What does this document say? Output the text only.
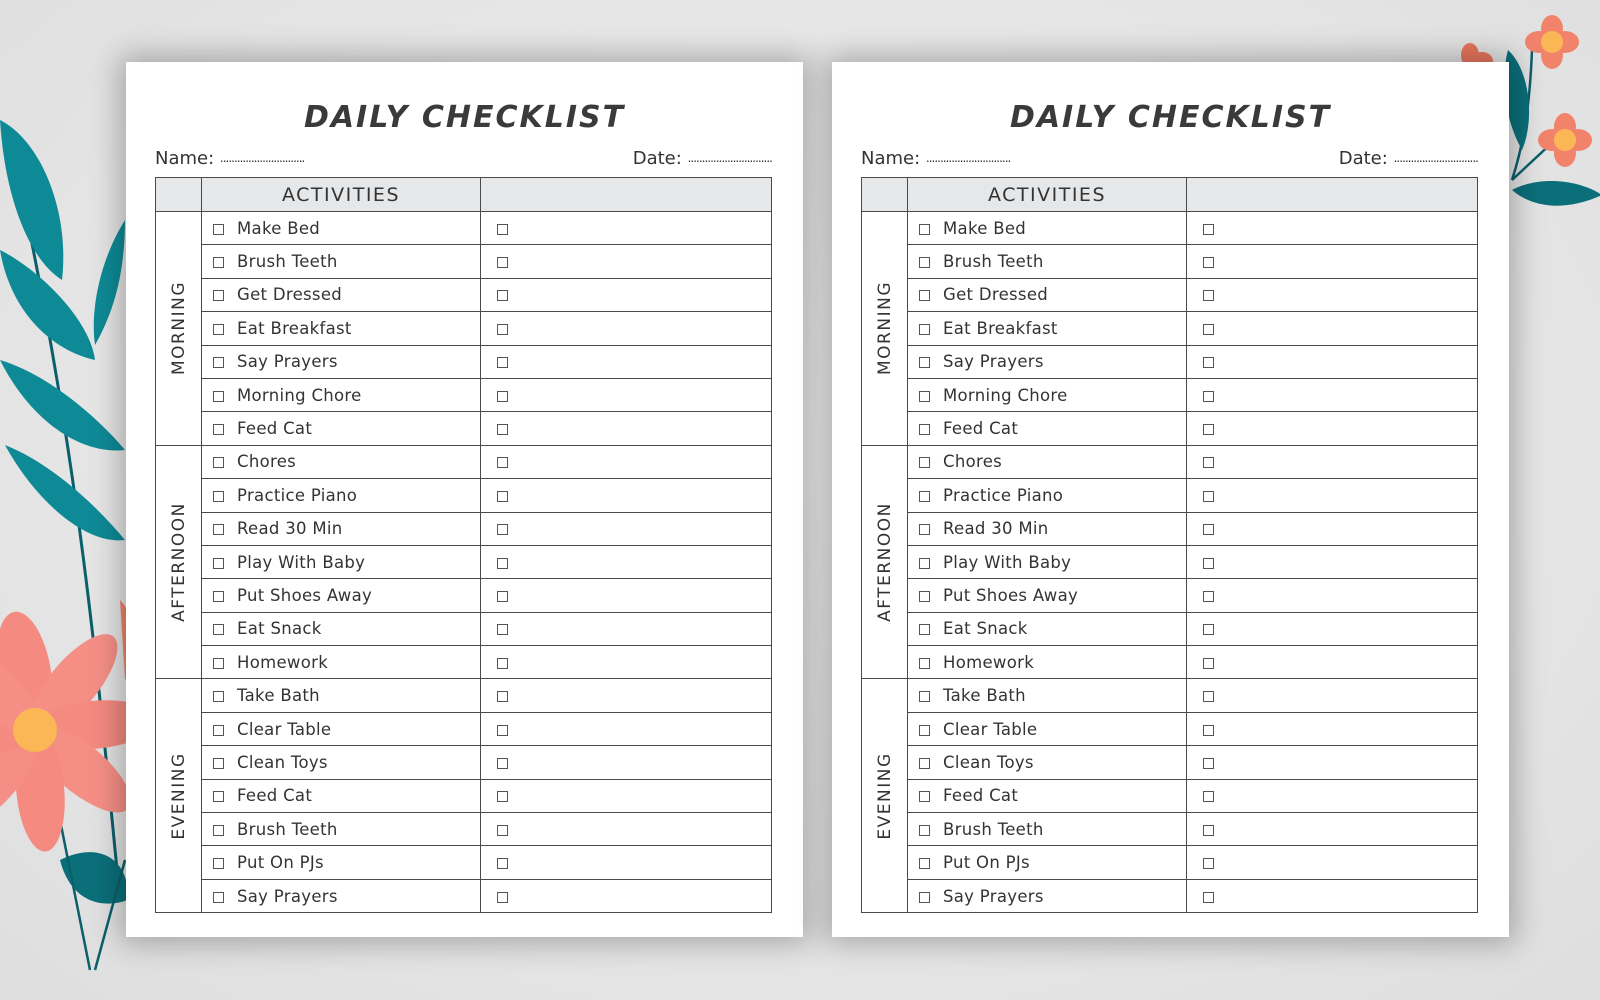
DAILY CHECKLIST
Name: ..............................	Date: ..............................
	ACTIVITIES	

MORNING	Make Bed	
	Brush Teeth	
	Get Dressed	
	Eat Breakfast	
	Say Prayers	
	Morning Chore	
	Feed Cat	

AFTERNOON	Chores	
	Practice Piano	
	Read 30 Min	
	Play With Baby	
	Put Shoes Away	
	Eat Snack	
	Homework	

EVENING	Take Bath	
	Clear Table	
	Clean Toys	
	Feed Cat	
	Brush Teeth	
	Put On PJs	
	Say Prayers	
DAILY CHECKLIST
Name: ..............................	Date: ..............................
	ACTIVITIES	

MORNING	Make Bed	
	Brush Teeth	
	Get Dressed	
	Eat Breakfast	
	Say Prayers	
	Morning Chore	
	Feed Cat	

AFTERNOON	Chores	
	Practice Piano	
	Read 30 Min	
	Play With Baby	
	Put Shoes Away	
	Eat Snack	
	Homework	

EVENING	Take Bath	
	Clear Table	
	Clean Toys	
	Feed Cat	
	Brush Teeth	
	Put On PJs	
	Say Prayers	
